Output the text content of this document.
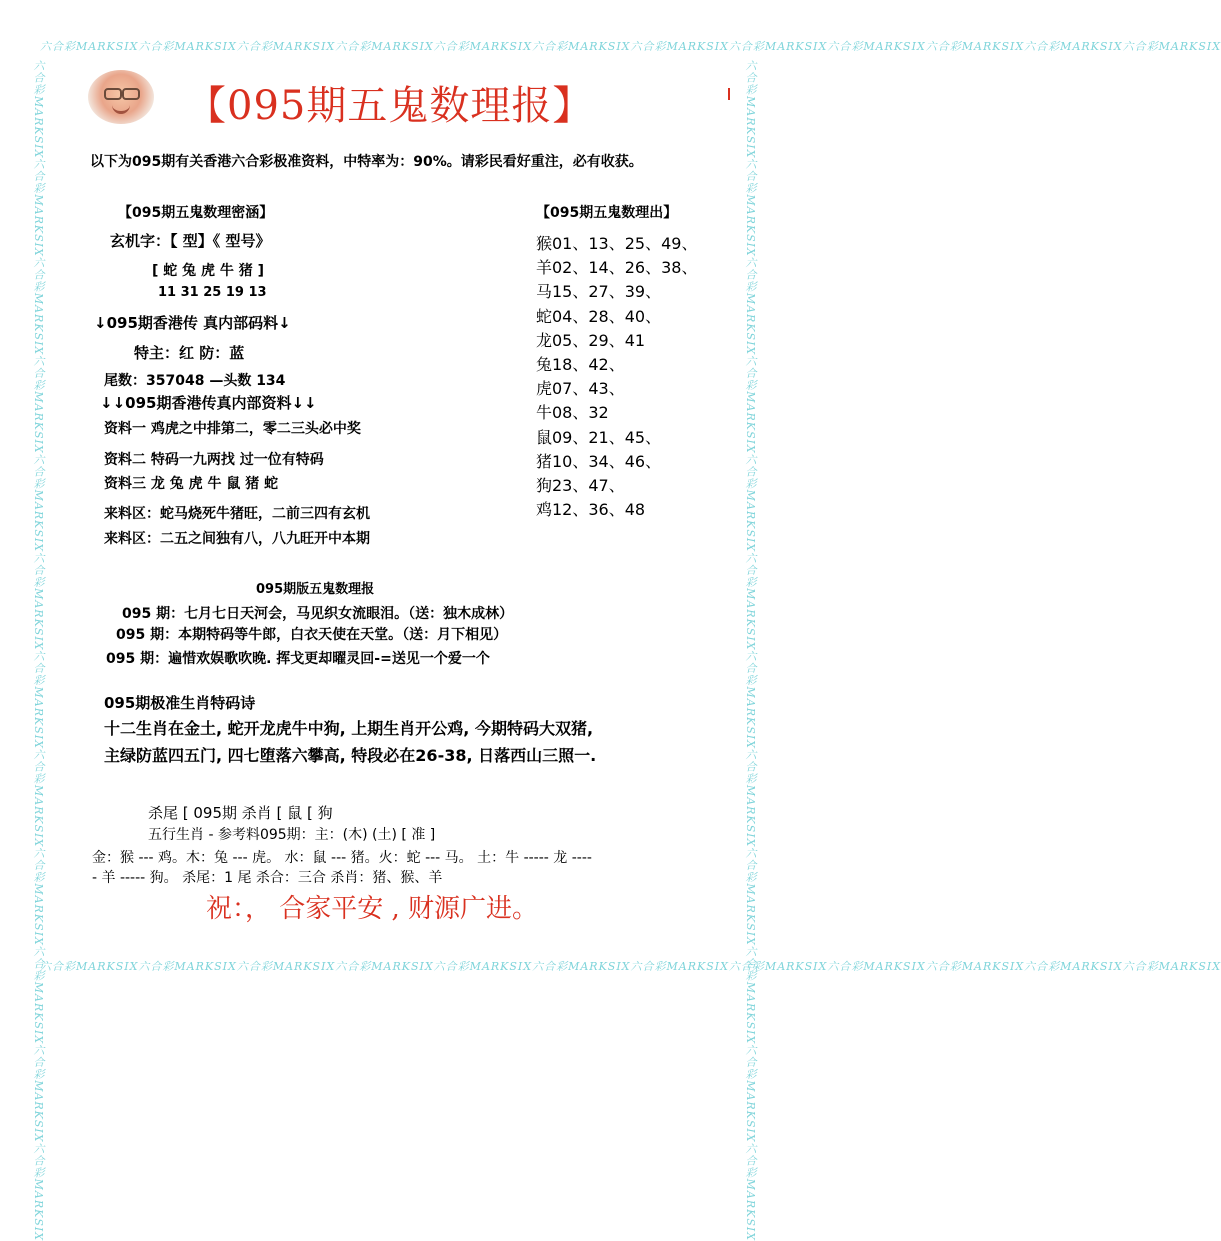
六合彩MARKSIX六合彩MARKSIX六合彩MARKSIX六合彩MARKSIX六合彩MARKSIX六合彩MARKSIX六合彩MARKSIX六合彩MARKSIX六合彩MARKSIX六合彩MARKSIX六合彩MARKSIX六合彩MARKSIX
六合彩MARKSIX六合彩MARKSIX六合彩MARKSIX六合彩MARKSIX六合彩MARKSIX六合彩MARKSIX六合彩MARKSIX六合彩MARKSIX六合彩MARKSIX六合彩MARKSIX六合彩MARKSIX六合彩MARKSIX
六合彩MARKSIX六合彩MARKSIX六合彩MARKSIX六合彩MARKSIX六合彩MARKSIX六合彩MARKSIX六合彩MARKSIX六合彩MARKSIX六合彩MARKSIX六合彩MARKSIX六合彩MARKSIX六合彩MARKSIX	六合彩MARKSIX六合彩MARKSIX六合彩MARKSIX六合彩MARKSIX六合彩MARKSIX六合彩MARKSIX六合彩MARKSIX六合彩MARKSIX六合彩MARKSIX六合彩MARKSIX六合彩MARKSIX六合彩MARKSIX
【095期五鬼数理报】
以下为095期有关香港六合彩极准资料，中特率为：90%。请彩民看好重注，必有收获。
【095期五鬼数理密涵】
玄机字：【 型】《 型号》
[ 蛇 兔 虎 牛 猪 ]
11 31 25 19 13
↓095期香港传 真内部码料↓
特主：红 防：蓝
尾数：357048 —头数 134
↓↓095期香港传真内部资料↓↓
资料一 鸡虎之中排第二，零二三头必中奖
资料二 特码一九两找 过一位有特码
资料三 龙 兔 虎 牛 鼠 猪 蛇
来料区：蛇马烧死牛猪旺，二前三四有玄机
来料区：二五之间独有八，八九旺开中本期
【095期五鬼数理出】
猴01、13、25、49、
羊02、14、26、38、
马15、27、39、
蛇04、28、40、
龙05、29、41
兔18、42、
虎07、43、
牛08、32
鼠09、21、45、
猪10、34、46、
狗23、47、
鸡12、36、48
095期版五鬼数理报
095 期：七月七日天河会，马见织女流眼泪。（送：独木成林）
095 期：本期特码等牛郎，白衣天使在天堂。（送：月下相见）
095 期：遍惜欢娱歌吹晚. 挥戈更却曜灵回-=送见一个爱一个
095期极准生肖特码诗
十二生肖在金土, 蛇开龙虎牛中狗, 上期生肖开公鸡, 今期特码大双猪,
主绿防蓝四五门, 四七堕落六攀高, 特段必在26-38, 日落西山三照一.
杀尾 [ 095期 杀肖 [ 鼠 [ 狗
五行生肖 - 参考料095期：主：(木) (土) [ 准 ]
金：猴 --- 鸡。木：兔 --- 虎。 水：鼠 --- 猪。火：蛇 --- 马。 土：牛 ----- 龙 ----
- 羊 ----- 狗。 杀尾：1 尾 杀合：三合 杀肖：猪、猴、羊
祝：， 合家平安 , 财源广进。
